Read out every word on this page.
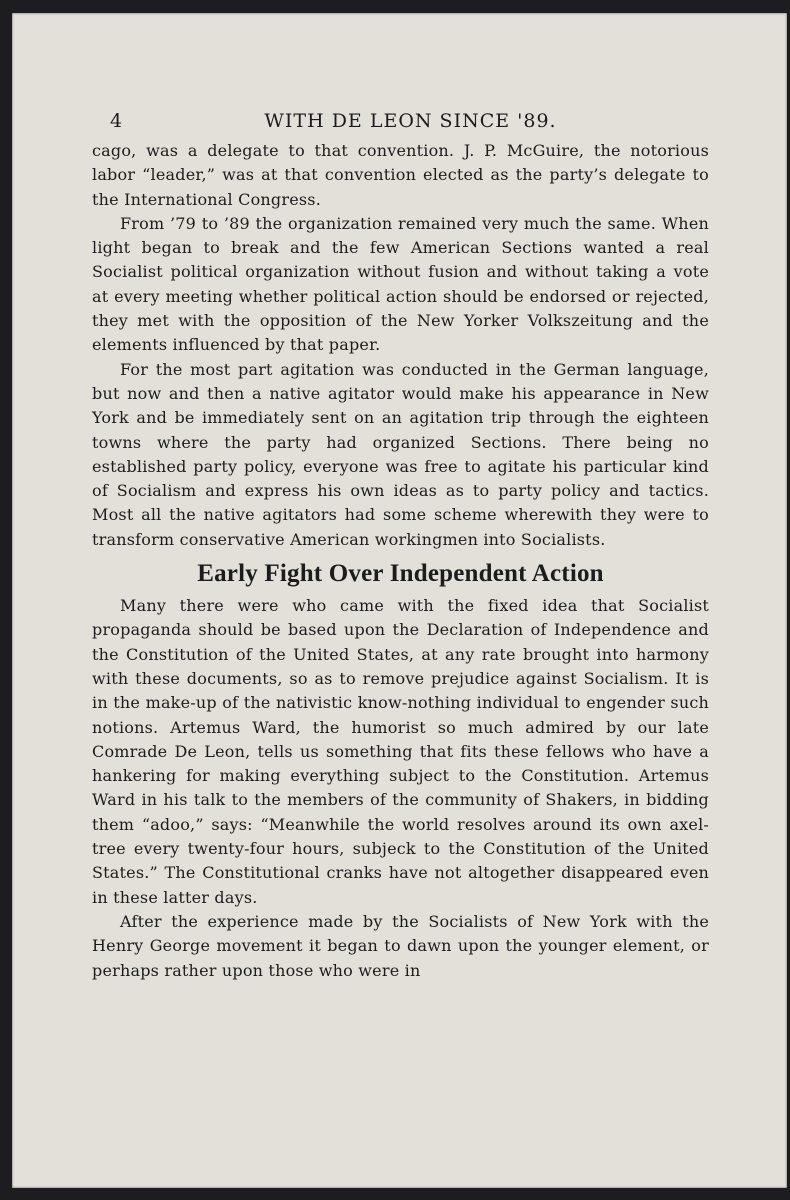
4	WITH DE LEON SINCE '89.

cago, was a delegate to that convention. J. P. McGuire, the notorious labor “leader,” was at that convention elected as the party’s delegate to the International Congress.

From ’79 to ’89 the organization remained very much the same. When light began to break and the few American Sections wanted a real Socialist political organization without fusion and without taking a vote at every meeting whether political action should be endorsed or rejected, they met with the opposition of the New Yorker Volkszeitung and the elements influenced by that paper.

For the most part agitation was conducted in the German language, but now and then a native agitator would make his appearance in New York and be immediately sent on an agitation trip through the eighteen towns where the party had organized Sections. There being no established party policy, everyone was free to agitate his particular kind of Socialism and express his own ideas as to party policy and tactics. Most all the native agitators had some scheme wherewith they were to transform conservative American workingmen into Socialists.

Early Fight Over Independent Action

Many there were who came with the fixed idea that Socialist propaganda should be based upon the Declaration of Independence and the Constitution of the United States, at any rate brought into harmony with these documents, so as to remove prejudice against Socialism. It is in the make-up of the nativistic know-nothing individual to engender such notions. Artemus Ward, the humorist so much admired by our late Comrade De Leon, tells us something that fits these fellows who have a hankering for making everything subject to the Constitution. Artemus Ward in his talk to the members of the community of Shakers, in bidding them “adoo,” says: “Meanwhile the world resolves around its own axel-tree every twenty-four hours, subjeck to the Constitution of the United States.” The Constitutional cranks have not altogether disappeared even in these latter days.

After the experience made by the Socialists of New York with the Henry George movement it began to dawn upon the younger element, or perhaps rather upon those who were in
